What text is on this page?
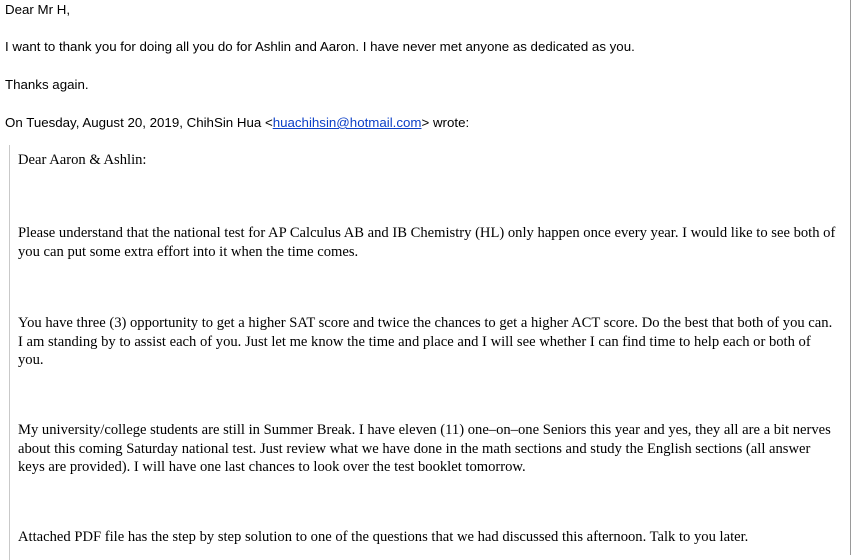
Dear Mr H,

I want to thank you for doing all you do for Ashlin and Aaron. I have never met anyone as dedicated as you.

Thanks again.

On Tuesday, August 20, 2019, ChihSin Hua <huachihsin@hotmail.com> wrote:

Dear Aaron & Ashlin:

Please understand that the national test for AP Calculus AB and IB Chemistry (HL) only happen once every year. I would like to see both of you can put some extra effort into it when the time comes.

You have three (3) opportunity to get a higher SAT score and twice the chances to get a higher ACT score. Do the best that both of you can. I am standing by to assist each of you. Just let me know the time and place and I will see whether I can find time to help each or both of you.

My university/college students are still in Summer Break. I have eleven (11) one–on–one Seniors this year and yes, they all are a bit nerves about this coming Saturday national test. Just review what we have done in the math sections and study the English sections (all answer keys are provided). I will have one last chances to look over the test booklet tomorrow.

Attached PDF file has the step by step solution to one of the questions that we had discussed this afternoon. Talk to you later.
